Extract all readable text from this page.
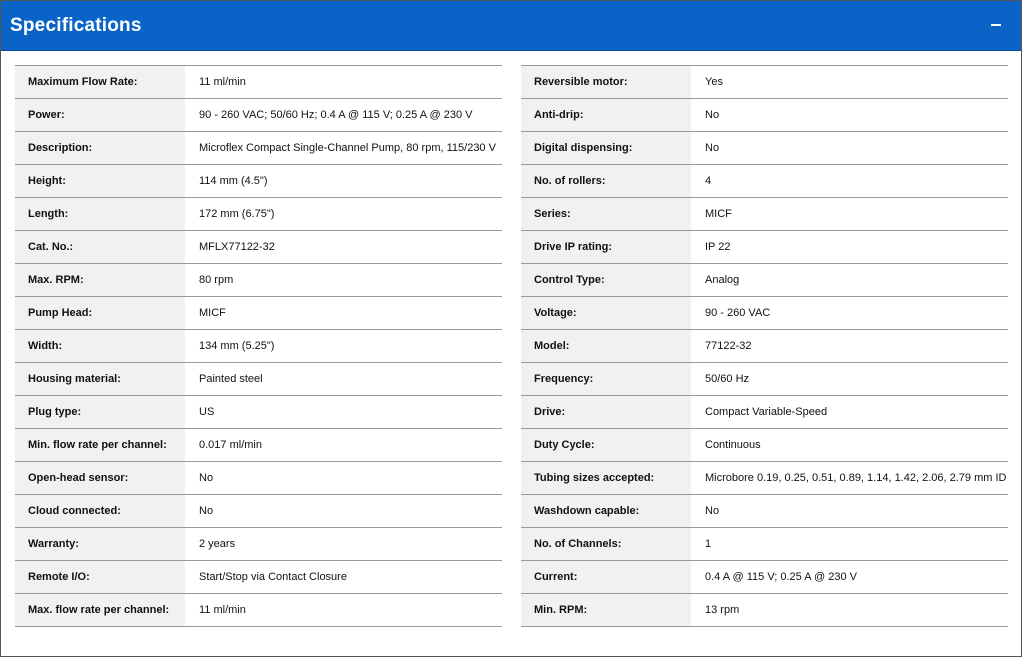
Specifications
Maximum Flow Rate:	11 ml/min
Power:	90 - 260 VAC; 50/60 Hz; 0.4 A @ 115 V; 0.25 A @ 230 V
Description:	Microflex Compact Single-Channel Pump, 80 rpm, 115/230 V
Height:	114 mm (4.5")
Length:	172 mm (6.75")
Cat. No.:	MFLX77122-32
Max. RPM:	80 rpm
Pump Head:	MICF
Width:	134 mm (5.25")
Housing material:	Painted steel
Plug type:	US
Min. flow rate per channel:	0.017 ml/min
Open-head sensor:	No
Cloud connected:	No
Warranty:	2 years
Remote I/O:	Start/Stop via Contact Closure
Max. flow rate per channel:	11 ml/min
Reversible motor:	Yes
Anti-drip:	No
Digital dispensing:	No
No. of rollers:	4
Series:	MICF
Drive IP rating:	IP 22
Control Type:	Analog
Voltage:	90 - 260 VAC
Model:	77122-32
Frequency:	50/60 Hz
Drive:	Compact Variable-Speed
Duty Cycle:	Continuous
Tubing sizes accepted:	Microbore 0.19, 0.25, 0.51, 0.89, 1.14, 1.42, 2.06, 2.79 mm ID
Washdown capable:	No
No. of Channels:	1
Current:	0.4 A @ 115 V; 0.25 A @ 230 V
Min. RPM:	13 rpm
